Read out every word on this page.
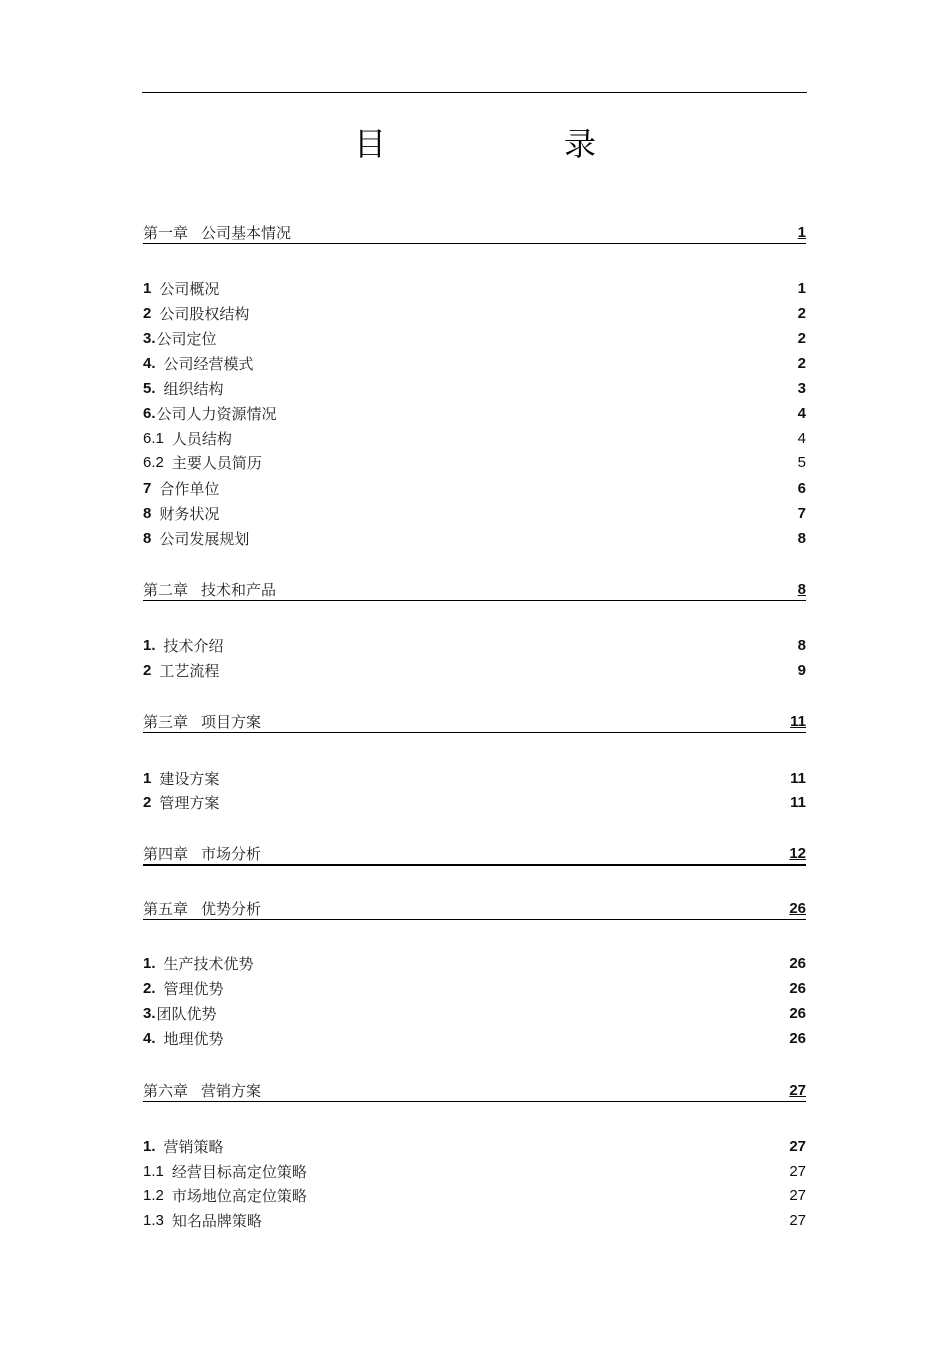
目	录
第一章 公司基本情况	1
1 公司概况	1
2 公司股权结构	2
3. 公司定位	2
4. 公司经营模式	2
5. 组织结构	3
6. 公司人力资源情况	4
6.1 人员结构	4
6.2 主要人员简历	5
7 合作单位	6
8 财务状况	7
8 公司发展规划	8
第二章 技术和产品	8
1. 技术介绍	8
2 工艺流程	9
第三章 项目方案	11
1 建设方案	11
2 管理方案	11
第四章 市场分析	12
第五章 优势分析	26
1. 生产技术优势	26
2. 管理优势	26
3. 团队优势	26
4. 地理优势	26
第六章 营销方案	27
1. 营销策略	27
1.1 经营目标高定位策略	27
1.2 市场地位高定位策略	27
1.3 知名品牌策略	27
